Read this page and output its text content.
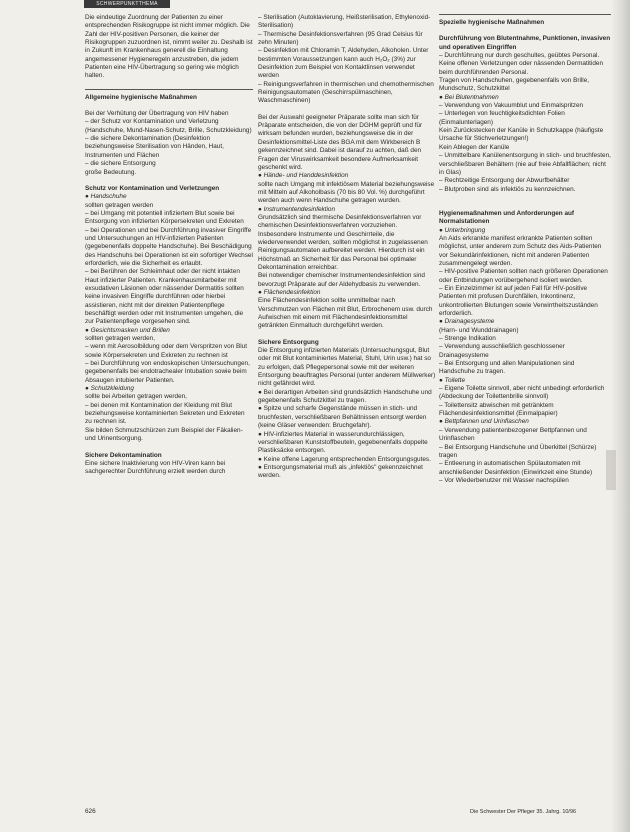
SCHWERPUNKTTHEMA
Die eindeutige Zuordnung der Patienten zu einer entsprechenden Risikogruppe ist nicht immer möglich. Die Zahl der HIV-positiven Personen, die keiner der Risikogruppen zuzuordnen ist, nimmt weiter zu. Deshalb ist in Zukunft im Krankenhaus generell die Einhaltung angemessener Hygieneregeln anzustreben, die jedem Patienten eine HIV-Übertragung so gering wie möglich halten.
Allgemeine hygienische Maßnahmen
Bei der Verhütung der Übertragung von HIV haben
– der Schutz vor Kontamination und Verletzung (Handschuhe, Mund-Nasen-Schutz, Brille, Schutzkleidung)
– die sichere Dekontamination (Desinfektion beziehungsweise Sterilisation von Händen, Haut, Instrumenten und Flächen
– die sichere Entsorgung
große Bedeutung.
Schutz vor Kontamination und Verletzungen
● Handschuhe
sollten getragen werden
– bei Umgang mit potentiell infiziertem Blut sowie bei Entsorgung von infizierten Körpersekreten und Exkreten
– bei Operationen und bei Durchführung invasiver Eingriffe und Untersuchungen an HIV-infizierten Patienten (gegebenenfalls doppelte Handschuhe). Bei Beschädigung des Handschuhs bei Operationen ist ein sofortiger Wechsel erforderlich, wie die Sicherheit es erlaubt.
– bei Berühren der Schleimhaut oder der nicht intakten Haut infizierter Patienten. Krankenhausmitarbeiter mit exsudativen Läsionen oder nässender Dermatitis sollten keine invasiven Eingriffe durchführen oder hierbei assistieren, nicht mit der direkten Patientenpflege beschäftigt werden oder mit Instrumenten umgehen, die zur Patientenpflege vorgesehen sind.
● Gesichtsmasken und Brillen
sollten getragen werden,
– wenn mit Aerosolbildung oder dem Verspritzen von Blut sowie Körpersekreten und Exkreten zu rechnen ist
– bei Durchführung von endoskopischen Untersuchungen, gegebenenfalls bei endotrachealer Intubation sowie beim Absaugen intubierter Patienten.
● Schutzkleidung
sollte bei Arbeiten getragen werden,
– bei denen mit Kontamination der Kleidung mit Blut beziehungsweise kontaminierten Sekreten und Exkreten zu rechnen ist.
Sie bilden Schmutzschürzen zum Beispiel der Fäkalien- und Urinentsorgung.
Sichere Dekontamination
Eine sichere Inaktivierung von HIV-Viren kann bei sachgerechter Durchführung erzielt werden durch
– Sterilisation (Autoklavierung, Heißsterilisation, Ethylenoxid-Sterilisation)
– Thermische Desinfektionsverfahren (95 Grad Celsius für zehn Minuten)
– Desinfektion mit Chloramin T, Aldehyden, Alkoholen. Unter bestimmten Voraussetzungen kann auch H₂O₂ (3%) zur Desinfektion zum Beispiel von Kontaktlinsen verwendet werden
– Reinigungsverfahren in thermischen und chemothermischen Reinigungsautomaten (Geschirrspülmaschinen, Waschmaschinen)
Bei der Auswahl geeigneter Präparate sollte man sich für Präparate entscheiden, die von der DGHM geprüft und für wirksam befunden wurden, beziehungsweise die in der Desinfektionsmittel-Liste des BGA mit dem Wirkbereich B gekennzeichnet sind. Dabei ist darauf zu achten, daß den Fragen der Viruswirksamkeit besondere Aufmerksamkeit geschenkt wird.
● Hände- und Handdesinfektion
sollte nach Umgang mit infektiösem Material beziehungsweise mit Mitteln auf Alkoholbasis (70 bis 80 Vol. %) durchgeführt werden auch wenn Handschuhe getragen wurden.
● Instrumentendesinfektion
Grundsätzlich sind thermische Desinfektionsverfahren vor chemischen Desinfektionsverfahren vorzuziehen. Insbesondere Instrumente und Geschirrteile, die wiederverwendet werden, sollten möglichst in zugelassenen Reinigungsautomaten aufbereitet werden. Hierdurch ist ein Höchstmaß an Sicherheit für das Personal bei optimaler Dekontamination erreichbar.
Bei notwendiger chemischer Instrumentendesinfektion sind bevorzugt Präparate auf der Aldehydbasis zu verwenden.
● Flächendesinfektion
Eine Flächendesinfektion sollte unmittelbar nach Verschmutzen von Flächen mit Blut, Erbrochenem usw. durch Aufwischen mit einem mit Flächendesinfektionsmittel getränkten Einmaltuch durchgeführt werden.
Sichere Entsorgung
Die Entsorgung infizierten Materials (Untersuchungsgut, Blut oder mit Blut kontaminiertes Material, Stuhl, Urin usw.) hat so zu erfolgen, daß Pflegepersonal sowie mit der weiteren Entsorgung beauftragtes Personal (unter anderem Müllwerker) nicht gefährdet wird.
● Bei derartigen Arbeiten sind grundsätzlich Handschuhe und gegebenenfalls Schutzkittel zu tragen.
● Spitze und scharfe Gegenstände müssen in stich- und bruchfesten, verschließbaren Behältnissen entsorgt werden (keine Gläser verwenden: Bruchgefahr).
● HIV-infiziertes Material in wasserundurchlässigen, verschließbaren Kunststoffbeuteln, gegebenenfalls doppelte Plastiksäcke entsorgen.
● Keine offene Lagerung entsprechenden Entsorgungsgutes.
● Entsorgungsmaterial muß als „infektiös" gekennzeichnet werden.
Spezielle hygienische Maßnahmen
Durchführung von Blutentnahme, Punktionen, invasiven und operativen Eingriffen
– Durchführung nur durch geschultes, geübtes Personal.
Keine offenen Verletzungen oder nässenden Dermatitiden beim durchführenden Personal.
Tragen von Handschuhen, gegebenenfalls von Brille, Mundschutz, Schutzkittel
● Bei Blutentnahmen
– Verwendung von Vakuumblut und Einmalspritzen
– Unterlegen von feuchtigkeitsdichten Folien (Einmalunterlagen)
Kein Zurückstecken der Kanüle in Schutzkappe (häufigste Ursache für Stichverletzungen!)
Kein Ablegen der Kanüle
– Unmittelbare Kanülenentsorgung in stich- und bruchfesten, verschließbaren Behältern (nie auf freie Abfallflächen; nicht in Glas)
– Rechtzeitige Entsorgung der Abwurfbehälter
– Blutproben sind als infektiös zu kennzeichnen.
Hygienemaßnahmen und Anforderungen auf Normalstationen
● Unterbringung
An Aids erkrankte manifest erkrankte Patienten sollten möglichst, unter anderem zum Schutz des Aids-Patienten vor Sekundärinfektionen, nicht mit anderen Patienten zusammengelegt werden.
– HIV-positive Patienten sollten nach größeren Operationen oder Entbindungen vorübergehend isoliert werden.
– Ein Einzelzimmer ist auf jeden Fall für HIV-positive Patienten mit profusen Durchfällen, Inkontinenz, unkontrollierten Blutungen sowie Verwirrtheitszuständen erforderlich.
● Drainagesysteme
(Harn- und Wunddrainagen)
– Strenge Indikation
– Verwendung ausschließlich geschlossener Drainagesysteme
– Bei Entsorgung und allen Manipulationen sind Handschuhe zu tragen.
● Toilette
– Eigene Toilette sinnvoll, aber nicht unbedingt erforderlich (Abdeckung der Toilettenbrille sinnvoll)
– Toilettensitz abwischen mit getränktem Flächendesinfektionsmittel (Einmalpapier)
● Bettpfannen und Urinflaschen
– Verwendung patientenbezogener Bettpfannen und Urinflaschen
– Bei Entsorgung Handschuhe und Überkittel (Schürze) tragen
– Entleerung in automatischen Spülautomaten mit anschließender Desinfektion (Einwirkzeit eine Stunde)
– Vor Wiederbenutzer mit Wasser nachspülen
626	Die Schwester Der Pfleger 35. Jahrg. 10/96
